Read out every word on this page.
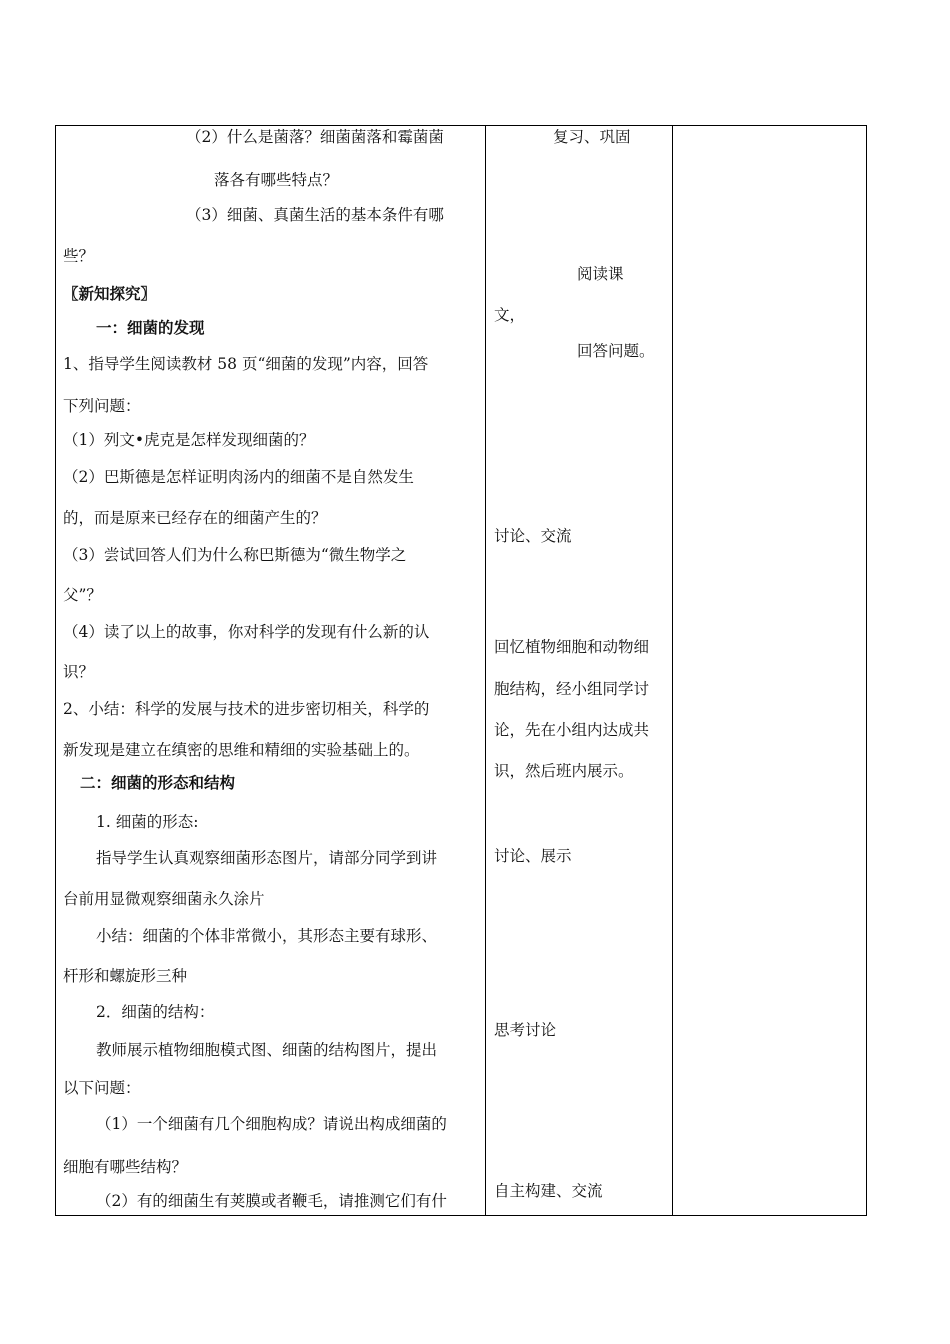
（2）什么是菌落？细菌菌落和霉菌菌
落各有哪些特点？
（3）细菌、真菌生活的基本条件有哪
些？
〖新知探究〗
一：细菌的发现
1、指导学生阅读教材 58 页“细菌的发现”内容，回答
下列问题：
（1）列文•虎克是怎样发现细菌的？
（2）巴斯德是怎样证明肉汤内的细菌不是自然发生
的，而是原来已经存在的细菌产生的？
（3）尝试回答人们为什么称巴斯德为“微生物学之
父”？
（4）读了以上的故事，你对科学的发现有什么新的认
识？
2、小结：科学的发展与技术的进步密切相关，科学的
新发现是建立在缜密的思维和精细的实验基础上的。
二：细菌的形态和结构
1. 细菌的形态:
指导学生认真观察细菌形态图片，请部分同学到讲
台前用显微观察细菌永久涂片
小结：细菌的个体非常微小，其形态主要有球形、
杆形和螺旋形三种
2．细菌的结构：
教师展示植物细胞模式图、细菌的结构图片，提出
以下问题：
（1）一个细菌有几个细胞构成？请说出构成细菌的
细胞有哪些结构？
（2）有的细菌生有荚膜或者鞭毛，请推测它们有什
复习、巩固
阅读课
文，
回答问题。
讨论、交流
回忆植物细胞和动物细
胞结构，经小组同学讨
论，先在小组内达成共
识，然后班内展示。
讨论、展示
思考讨论
自主构建、交流
